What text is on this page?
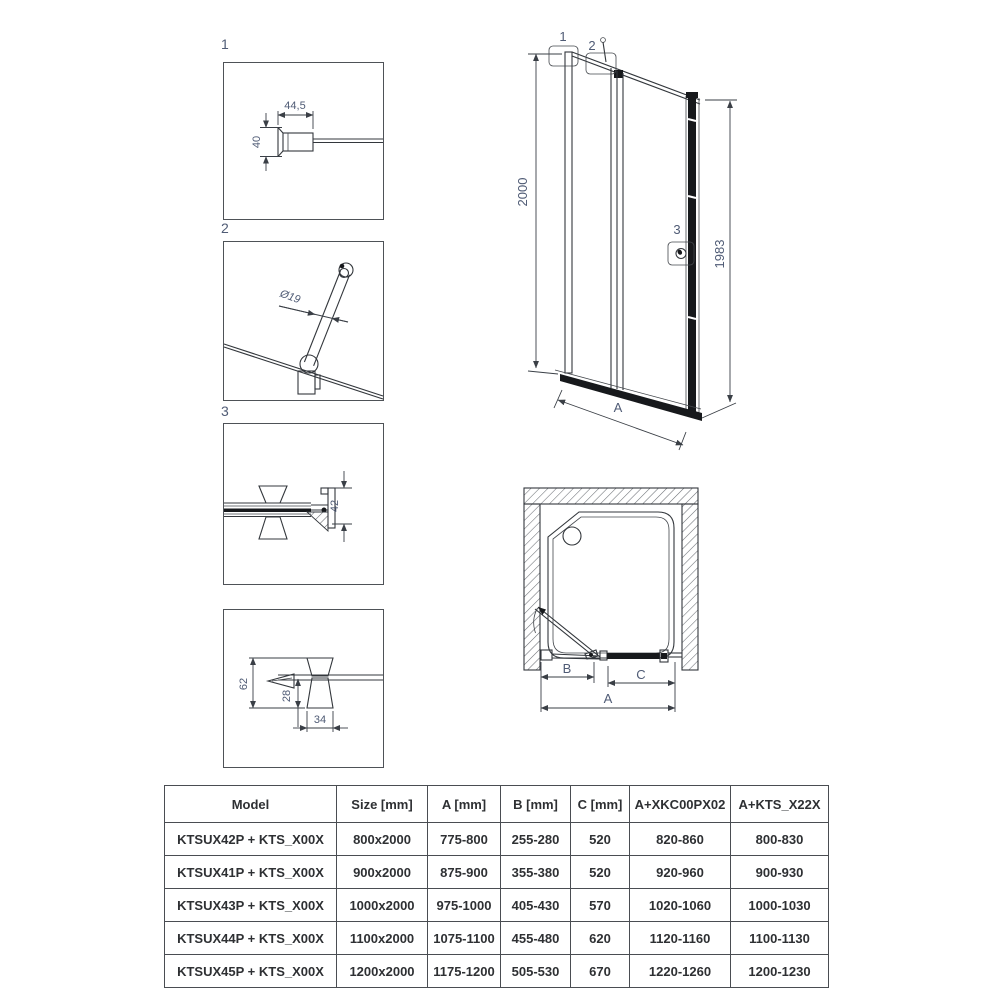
1
2
3
44,5
40
Ø19
42
62
28
34
2000
1
2
3
1983
A
B	C
A
Model	Size [mm]	A [mm]	B [mm]	C [mm]	A+XKC00PX02	A+KTS_X22X
KTSUX42P + KTS_X00X	800x2000	775-800	255-280	520	820-860	800-830
KTSUX41P + KTS_X00X	900x2000	875-900	355-380	520	920-960	900-930
KTSUX43P + KTS_X00X	1000x2000	975-1000	405-430	570	1020-1060	1000-1030
KTSUX44P + KTS_X00X	1100x2000	1075-1100	455-480	620	1120-1160	1100-1130
KTSUX45P + KTS_X00X	1200x2000	1175-1200	505-530	670	1220-1260	1200-1230
